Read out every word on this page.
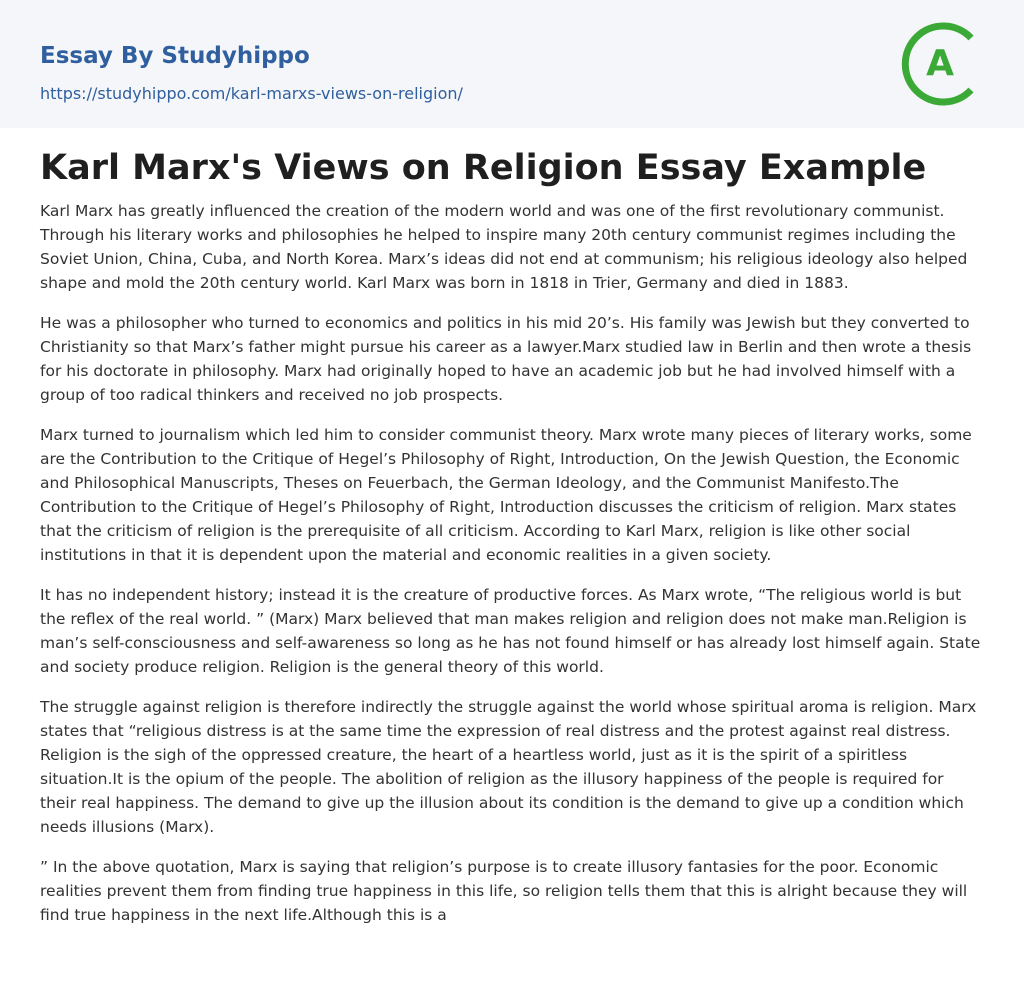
Essay By Studyhippo
https://studyhippo.com/karl-marxs-views-on-religion/
A
Karl Marx's Views on Religion Essay Example

Karl Marx has greatly influenced the creation of the modern world and was one of the first revolutionary communist. Through his literary works and philosophies he helped to inspire many 20th century communist regimes including the Soviet Union, China, Cuba, and North Korea. Marx’s ideas did not end at communism; his religious ideology also helped shape and mold the 20th century world. Karl Marx was born in 1818 in Trier, Germany and died in 1883.

He was a philosopher who turned to economics and politics in his mid 20’s. His family was Jewish but they converted to Christianity so that Marx’s father might pursue his career as a lawyer.Marx studied law in Berlin and then wrote a thesis for his doctorate in philosophy. Marx had originally hoped to have an academic job but he had involved himself with a group of too radical thinkers and received no job prospects.

Marx turned to journalism which led him to consider communist theory. Marx wrote many pieces of literary works, some are the Contribution to the Critique of Hegel’s Philosophy of Right, Introduction, On the Jewish Question, the Economic and Philosophical Manuscripts, Theses on Feuerbach, the German Ideology, and the Communist Manifesto.The Contribution to the Critique of Hegel’s Philosophy of Right, Introduction discusses the criticism of religion. Marx states that the criticism of religion is the prerequisite of all criticism. According to Karl Marx, religion is like other social institutions in that it is dependent upon the material and economic realities in a given society.

It has no independent history; instead it is the creature of productive forces. As Marx wrote, “The religious world is but the reflex of the real world. ” (Marx) Marx believed that man makes religion and religion does not make man.Religion is man’s self-consciousness and self-awareness so long as he has not found himself or has already lost himself again. State and society produce religion. Religion is the general theory of this world.

The struggle against religion is therefore indirectly the struggle against the world whose spiritual aroma is religion. Marx states that “religious distress is at the same time the expression of real distress and the protest against real distress. Religion is the sigh of the oppressed creature, the heart of a heartless world, just as it is the spirit of a spiritless situation.It is the opium of the people. The abolition of religion as the illusory happiness of the people is required for their real happiness. The demand to give up the illusion about its condition is the demand to give up a condition which needs illusions (Marx).

” In the above quotation, Marx is saying that religion’s purpose is to create illusory fantasies for the poor. Economic realities prevent them from finding true happiness in this life, so religion tells them that this is alright because they will find true happiness in the next life.Although this is a
